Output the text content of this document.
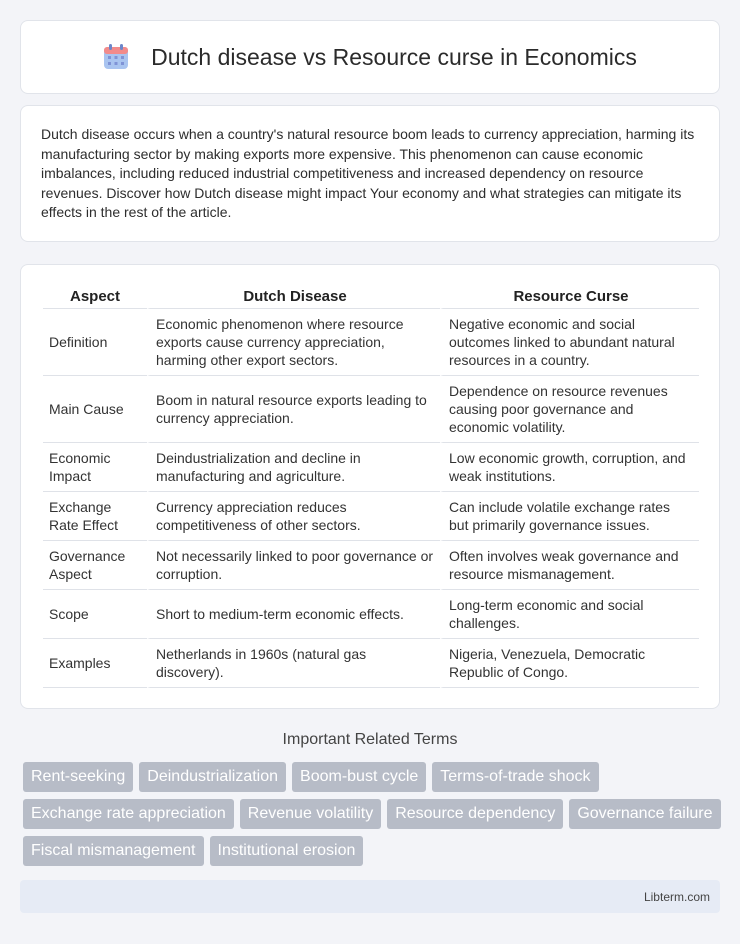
Dutch disease vs Resource curse in Economics

Dutch disease occurs when a country's natural resource boom leads to currency appreciation, harming its manufacturing sector by making exports more expensive. This phenomenon can cause economic imbalances, including reduced industrial competitiveness and increased dependency on resource revenues. Discover how Dutch disease might impact Your economy and what strategies can mitigate its effects in the rest of the article.

Aspect	Dutch Disease	Resource Curse
Definition	Economic phenomenon where resource exports cause currency appreciation, harming other export sectors.	Negative economic and social outcomes linked to abundant natural resources in a country.
Main Cause	Boom in natural resource exports leading to currency appreciation.	Dependence on resource revenues causing poor governance and economic volatility.
Economic Impact	Deindustrialization and decline in manufacturing and agriculture.	Low economic growth, corruption, and weak institutions.
Exchange Rate Effect	Currency appreciation reduces competitiveness of other sectors.	Can include volatile exchange rates but primarily governance issues.
Governance Aspect	Not necessarily linked to poor governance or corruption.	Often involves weak governance and resource mismanagement.
Scope	Short to medium-term economic effects.	Long-term economic and social challenges.
Examples	Netherlands in 1960s (natural gas discovery).	Nigeria, Venezuela, Democratic Republic of Congo.
Important Related Terms
Rent-seeking	Deindustrialization	Boom-bust cycle	Terms-of-trade shock
Exchange rate appreciation	Revenue volatility	Resource dependency	Governance failure
Fiscal mismanagement	Institutional erosion
Libterm.com
